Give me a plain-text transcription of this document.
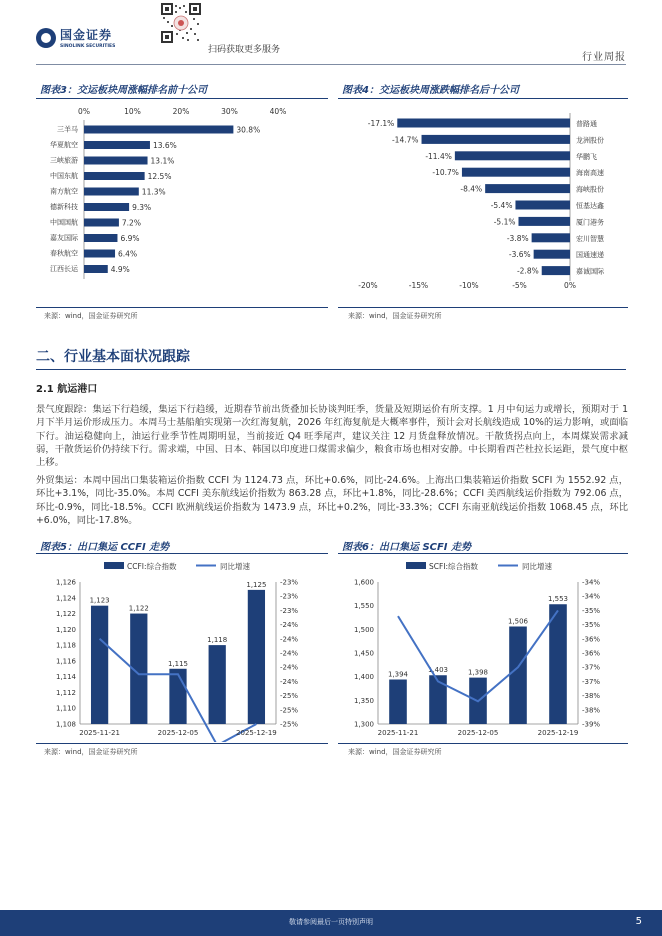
国金证券
SINOLINK SECURITIES	扫码获取更多服务
行业周报
图表3：交运板块周涨幅排名前十公司
0%	10%	20%	30%	40%
三羊马	30.8%
华夏航空	13.6%
三峡旅游	13.1%
中国东航	12.5%
南方航空	11.3%
德新科技	9.3%
中国国航	7.2%
嘉友国际	6.9%
春秋航空	6.4%
江西长运	4.9%
来源：wind，国金证券研究所
图表4：交运板块周涨跌幅排名后十公司
-17.1%	普路通
-14.7%	龙洲股份
-11.4%	华鹏飞
-10.7%	海南高速
-8.4%	海峡股份
-5.4%	恒基达鑫
-5.1%	厦门港务
-3.8%	宏川智慧
-3.6%	国通速递
-2.8%	嘉诚国际
-20%	-15%	-10%	-5%	0%
来源：wind，国金证券研究所
二、行业基本面状况跟踪
2.1 航运港口
景气度跟踪：集运下行趋缓，集运下行趋缓，近期春节前出货叠加长协谈判旺季，货量及短期运价有所支撑。1 月中旬运力或增长，预期对于 1 月下半月运价形成压力。本周马士基船舶实现第一次红海复航，2026 年红海复航是大概率事件，预计会对长航线造成 10%的运力影响，或面临下行。油运稳健向上，油运行业季节性周期明显，当前接近 Q4 旺季尾声，建议关注 12 月货盘释放情况。干散货拐点向上，本周煤炭需求减弱，干散货运价仍持续下行。需求端，中国、日本、韩国以印度进口煤需求偏少，粮食市场也相对安静。中长期看西芒杜拉长运距，景气度中枢上移。
外贸集运：本周中国出口集装箱运价指数 CCFI 为 1124.73 点，环比+0.6%，同比-24.6%。上海出口集装箱运价指数 SCFI 为 1552.92 点，环比+3.1%，同比-35.0%。本周 CCFI 美东航线运价指数为 863.28 点，环比+1.8%，同比-28.6%；CCFI 美西航线运价指数为 792.06 点，环比-0.9%，同比-18.5%。CCFI 欧洲航线运价指数为 1473.9 点，环比+0.2%，同比-33.3%；CCFI 东南亚航线运价指数 1068.45 点，环比+6.0%，同比-17.8%。
图表5：出口集运 CCFI 走势
CCFI:综合指数	同比增速
1,108
1,110
1,112
1,114
1,116
1,118
1,120
1,122
1,124
1,126	-23%
-23%
-23%
-24%
-24%
-24%
-24%
-24%
-25%
-25%
-25%
1,123
1,122
1,115
1,118
1,125
2025-11-21	2025-12-05	2025-12-19
来源：wind，国金证券研究所
图表6：出口集运 SCFI 走势
SCFI:综合指数	同比增速
1,300
1,350
1,400
1,450
1,500
1,550
1,600	-34%
-34%
-35%
-35%
-36%
-36%
-37%
-37%
-38%
-38%
-39%
1,394
1,403	1,398
1,506
1,553
2025-11-21	2025-12-05	2025-12-19
来源：wind，国金证券研究所
敬请参阅最后一页特别声明	5
